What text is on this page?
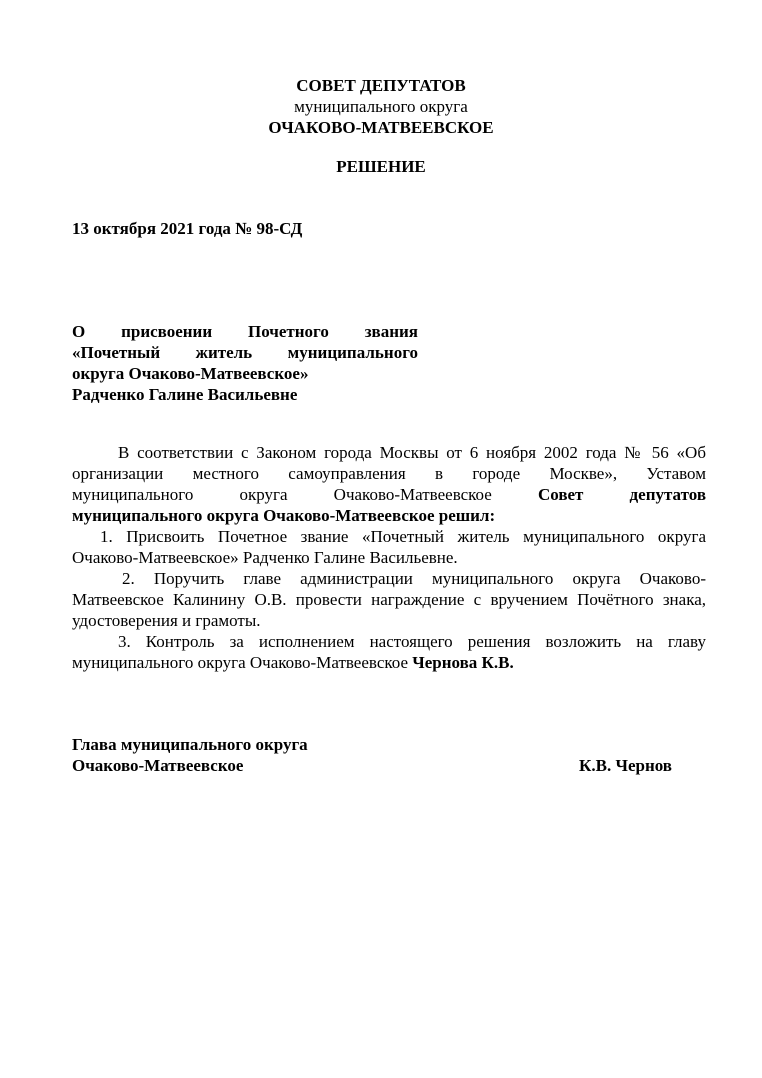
СОВЕТ ДЕПУТАТОВ
муниципального округа
ОЧАКОВО-МАТВЕЕВСКОЕ
РЕШЕНИЕ
13 октября 2021 года № 98-СД
О присвоении Почетного звания
«Почетный житель муниципального
округа Очаково-Матвеевское»
Радченко Галине Васильевне
В соответствии с Законом города Москвы от 6 ноября 2002 года № 56 «Об
организации местного самоуправления в городе Москве», Уставом
муниципального округа Очаково-Матвеевское	Совет депутатов
муниципального округа Очаково-Матвеевское решил:
1. Присвоить Почетное звание «Почетный житель муниципального округа
Очаково-Матвеевское» Радченко Галине Васильевне.
2. Поручить главе администрации муниципального округа Очаково-
Матвеевское Калинину О.В. провести награждение с вручением Почётного знака,
удостоверения и грамоты.
3. Контроль за исполнением настоящего решения возложить на главу
муниципального округа Очаково-Матвеевское Чернова К.В.
Глава муниципального округа
Очаково-Матвеевское	К.В. Чернов
